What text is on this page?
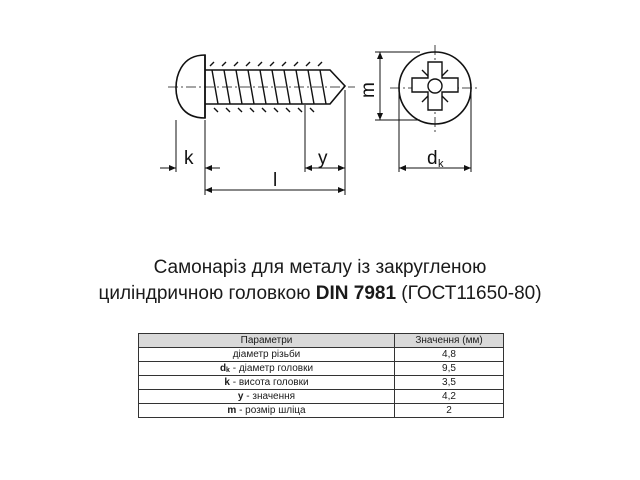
k	y
l
m
d k
Самонаріз для металу із закругленою
циліндричною головкою DIN 7981 (ГОСТ11650-80)
Параметри	Значення (мм)
діаметр різьби	4,8
dk - діаметр головки	9,5
k - висота головки	3,5
y - значення	4,2
m - розмір шліца	2
